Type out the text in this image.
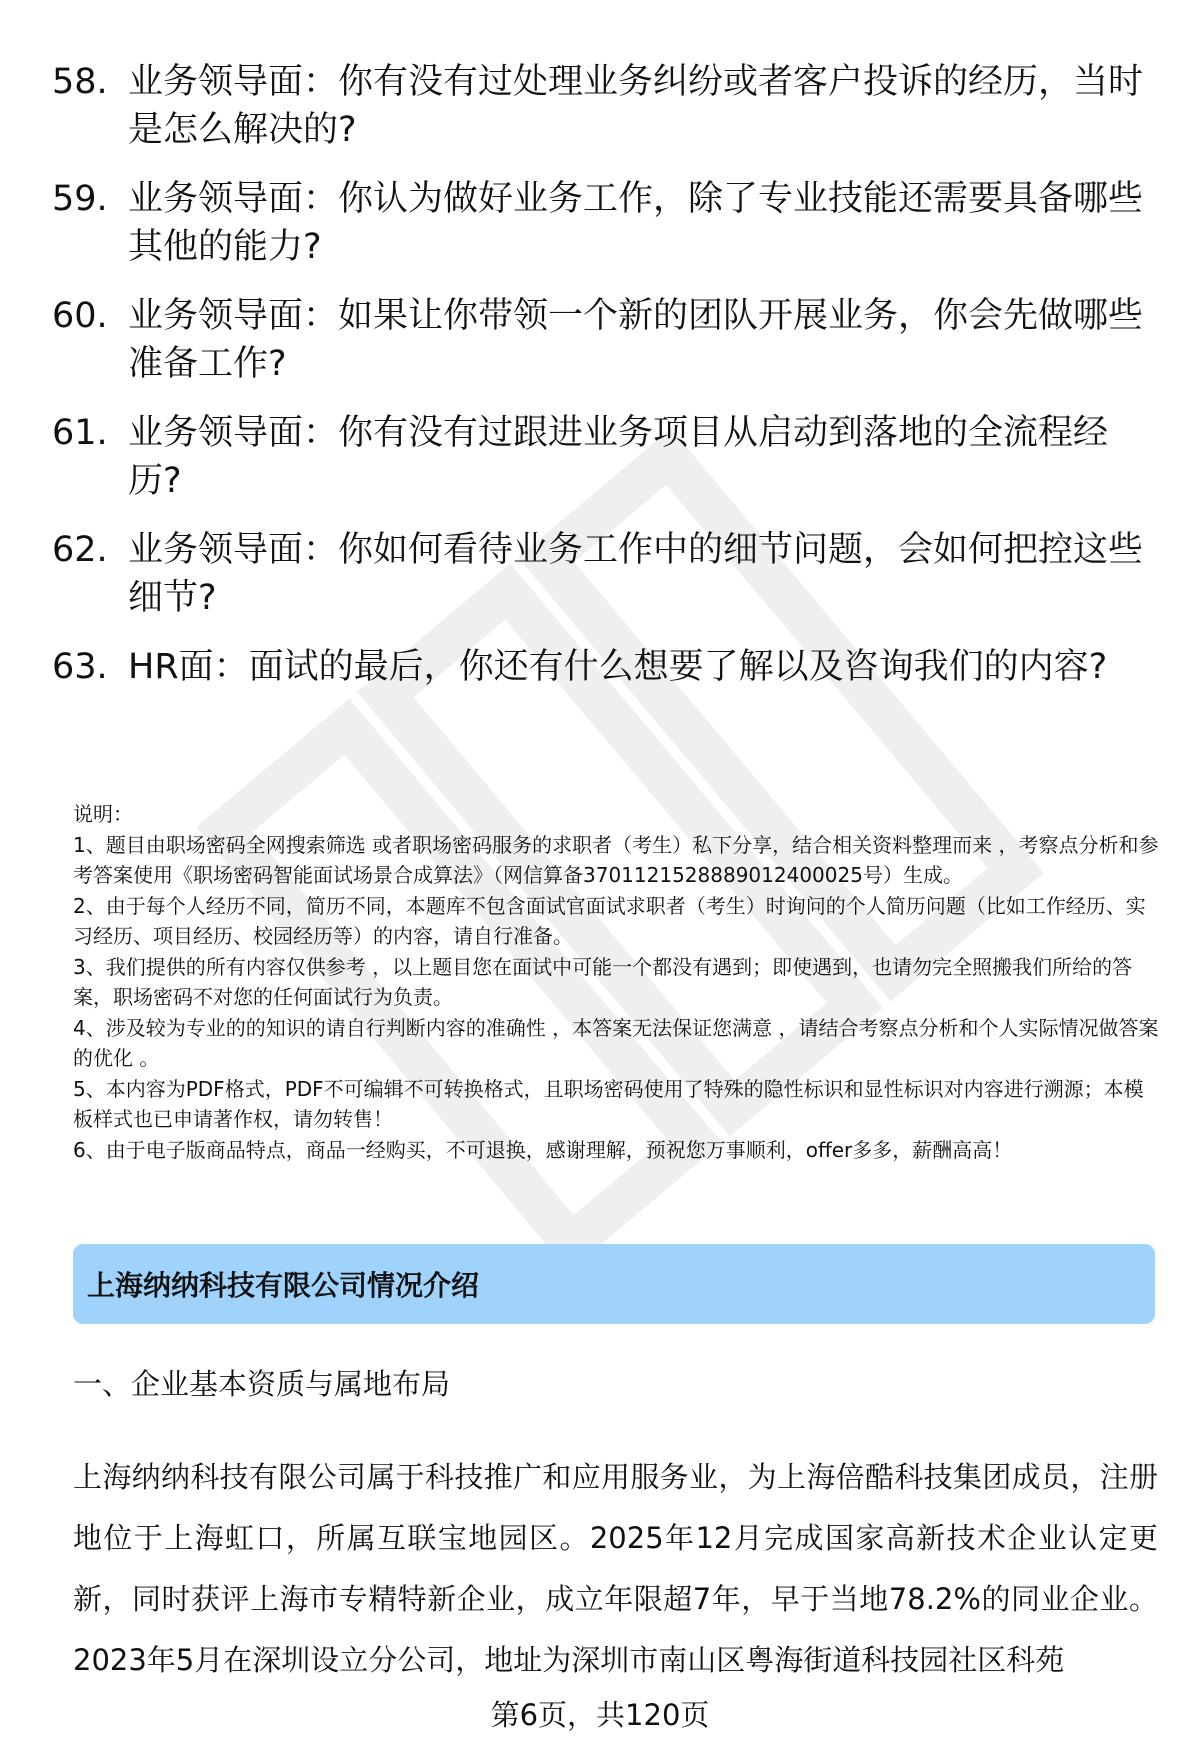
58. 业务领导面：你有没有过处理业务纠纷或者客户投诉的经历，当时是怎么解决的?
59. 业务领导面：你认为做好业务工作，除了专业技能还需要具备哪些其他的能力?
60. 业务领导面：如果让你带领一个新的团队开展业务，你会先做哪些准备工作?
61. 业务领导面：你有没有过跟进业务项目从启动到落地的全流程经历?
62. 业务领导面：你如何看待业务工作中的细节问题，会如何把控这些细节?
63. HR面：面试的最后，你还有什么想要了解以及咨询我们的内容?
说明：
1、题目由职场密码全网搜索筛选 或者职场密码服务的求职者（考生）私下分享，结合相关资料整理而来 ，考察点分析和参考答案使用《职场密码智能面试场景合成算法》（网信算备3701121528889012400025号）生成。
2、由于每个人经历不同，简历不同，本题库不包含面试官面试求职者（考生）时询问的个人简历问题（比如工作经历、实习经历、项目经历、校园经历等）的内容，请自行准备。
3、我们提供的所有内容仅供参考 ，以上题目您在面试中可能一个都没有遇到；即使遇到，也请勿完全照搬我们所给的答案，职场密码不对您的任何面试行为负责。
4、涉及较为专业的的知识的请自行判断内容的准确性 ，本答案无法保证您满意 ，请结合考察点分析和个人实际情况做答案的优化 。
5、本内容为PDF格式，PDF不可编辑不可转换格式，且职场密码使用了特殊的隐性标识和显性标识对内容进行溯源；本模板样式也已申请著作权，请勿转售！
6、由于电子版商品特点，商品一经购买，不可退换，感谢理解，预祝您万事顺利，offer多多，薪酬高高！
上海纳纳科技有限公司情况介绍
一、企业基本资质与属地布局
上海纳纳科技有限公司属于科技推广和应用服务业，为上海倍酷科技集团成员，注册地位于上海虹口，所属互联宝地园区。2025年12月完成国家高新技术企业认定更新，同时获评上海市专精特新企业，成立年限超7年，早于当地78.2%的同业企业。2023年5月在深圳设立分公司，地址为深圳市南山区粤海街道科技园社区科苑
第6页，共120页
